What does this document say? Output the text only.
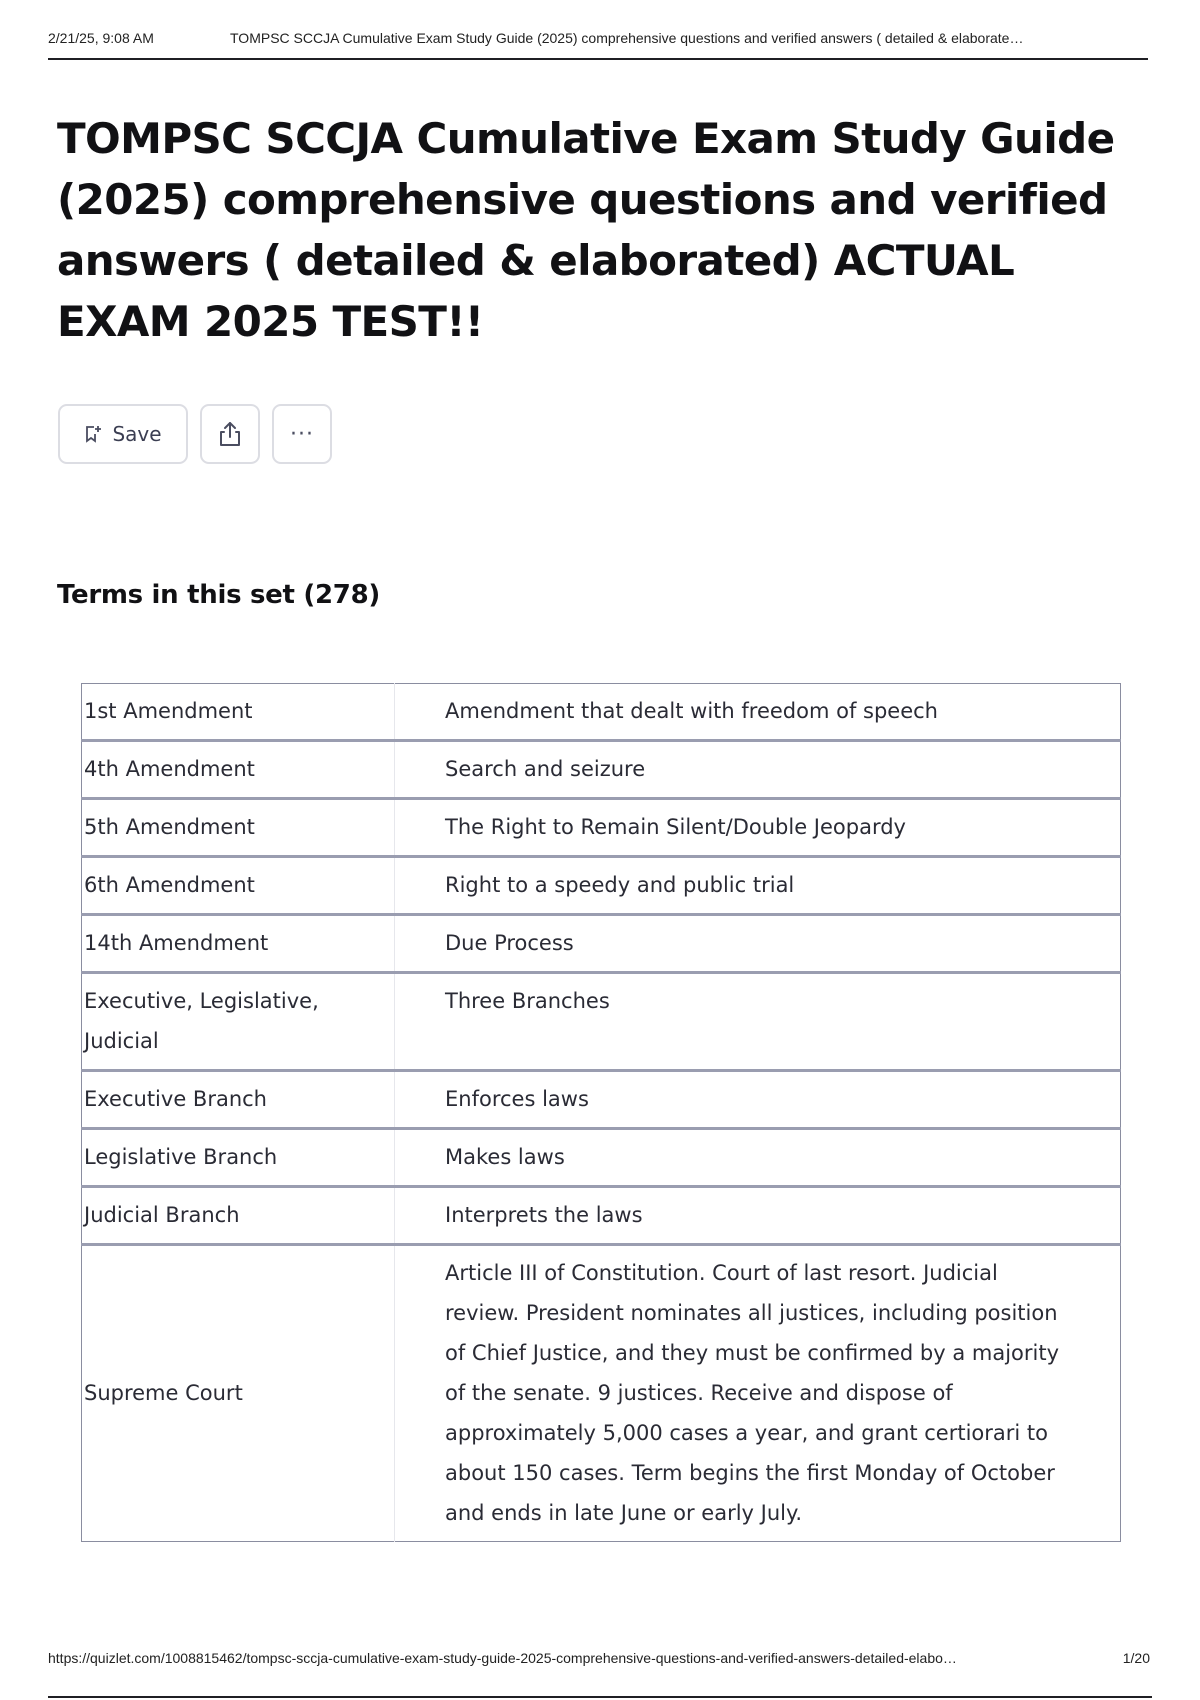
2/21/25, 9:08 AM	TOMPSC SCCJA Cumulative Exam Study Guide (2025) comprehensive questions and verified answers ( detailed & elaborate…
TOMPSC SCCJA Cumulative Exam Study Guide (2025) comprehensive questions and verified answers ( detailed & elaborated) ACTUAL EXAM 2025 TEST!!
Save	···
Terms in this set (278)
1st Amendment	Amendment that dealt with freedom of speech
4th Amendment	Search and seizure
5th Amendment	The Right to Remain Silent/Double Jeopardy
6th Amendment	Right to a speedy and public trial
14th Amendment	Due Process
Executive, Legislative, Judicial	Three Branches
Executive Branch	Enforces laws
Legislative Branch	Makes laws
Judicial Branch	Interprets the laws
Supreme Court	Article III of Constitution. Court of last resort. Judicial review. President nominates all justices, including position of Chief Justice, and they must be confirmed by a majority of the senate. 9 justices. Receive and dispose of approximately 5,000 cases a year, and grant certiorari to about 150 cases. Term begins the first Monday of October and ends in late June or early July.
https://quizlet.com/1008815462/tompsc-sccja-cumulative-exam-study-guide-2025-comprehensive-questions-and-verified-answers-detailed-elabo…	1/20
